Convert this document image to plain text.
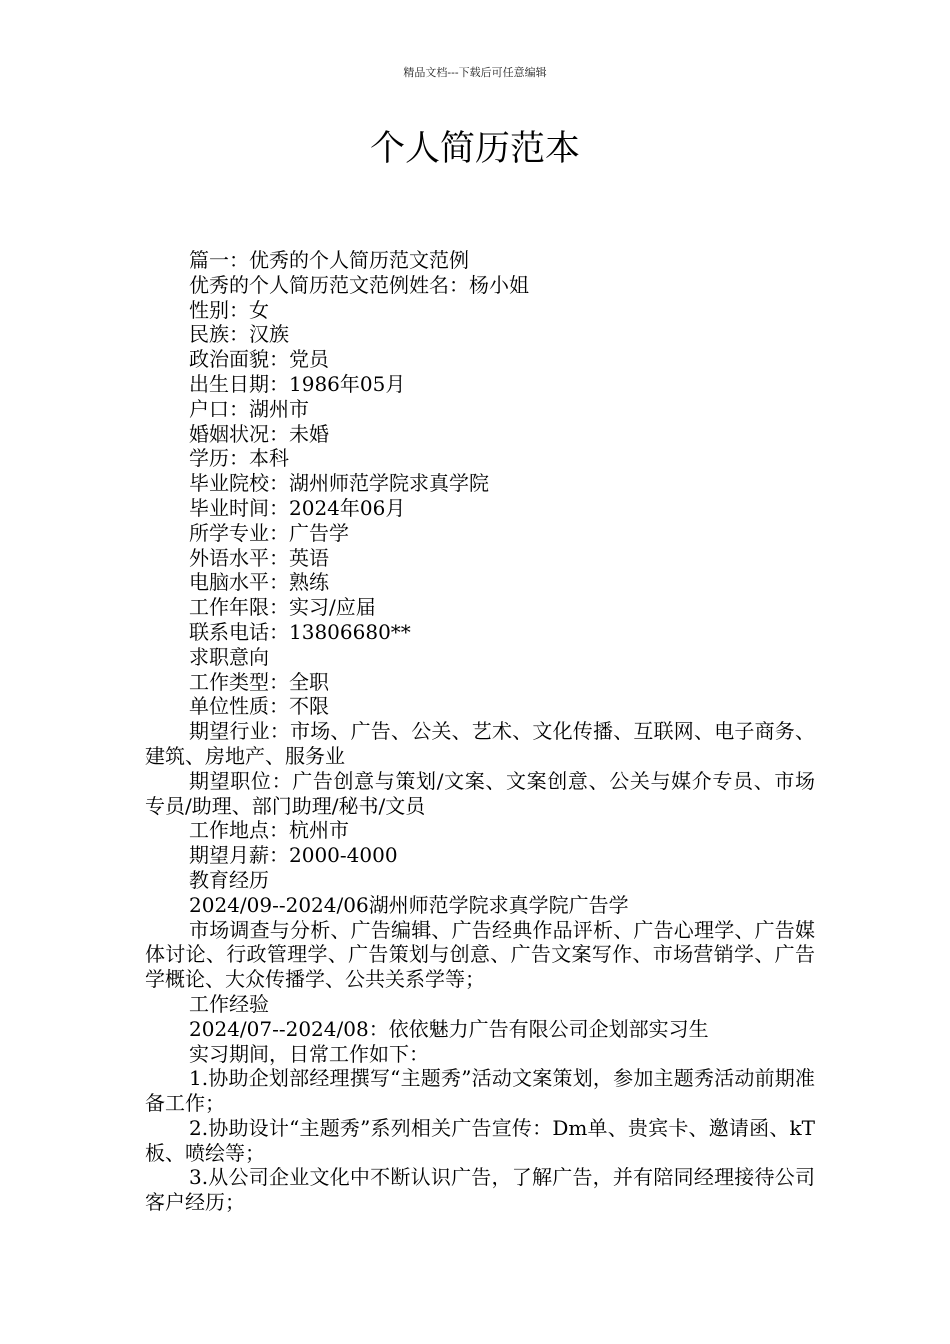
精品文档---下载后可任意编辑
个人简历范本

篇一：优秀的个人简历范文范例

优秀的个人简历范文范例姓名：杨小姐

性别：女

民族：汉族

政治面貌：党员

出生日期：1986年05月

户口：湖州市

婚姻状况：未婚

学历：本科

毕业院校：湖州师范学院求真学院

毕业时间：2024年06月

所学专业：广告学

外语水平：英语

电脑水平：熟练

工作年限：实习/应届

联系电话：13806680**

求职意向

工作类型：全职

单位性质：不限

期望行业：市场、广告、公关、艺术、文化传播、互联网、电子商务、建筑、房地产、服务业

期望职位：广告创意与策划/文案、文案创意、公关与媒介专员、市场专员/助理、部门助理/秘书/文员

工作地点：杭州市

期望月薪：2000-4000

教育经历

2024/09--2024/06湖州师范学院求真学院广告学

市场调查与分析、广告编辑、广告经典作品评析、广告心理学、广告媒体讨论、行政管理学、广告策划与创意、广告文案写作、市场营销学、广告学概论、大众传播学、公共关系学等；

工作经验

2024/07--2024/08：依依魅力广告有限公司企划部实习生

实习期间，日常工作如下：

1.协助企划部经理撰写“主题秀”活动文案策划，参加主题秀活动前期准备工作；

2.协助设计“主题秀”系列相关广告宣传：Dm单、贵宾卡、邀请函、kT板、喷绘等；

3.从公司企业文化中不断认识广告，了解广告，并有陪同经理接待公司客户经历；
